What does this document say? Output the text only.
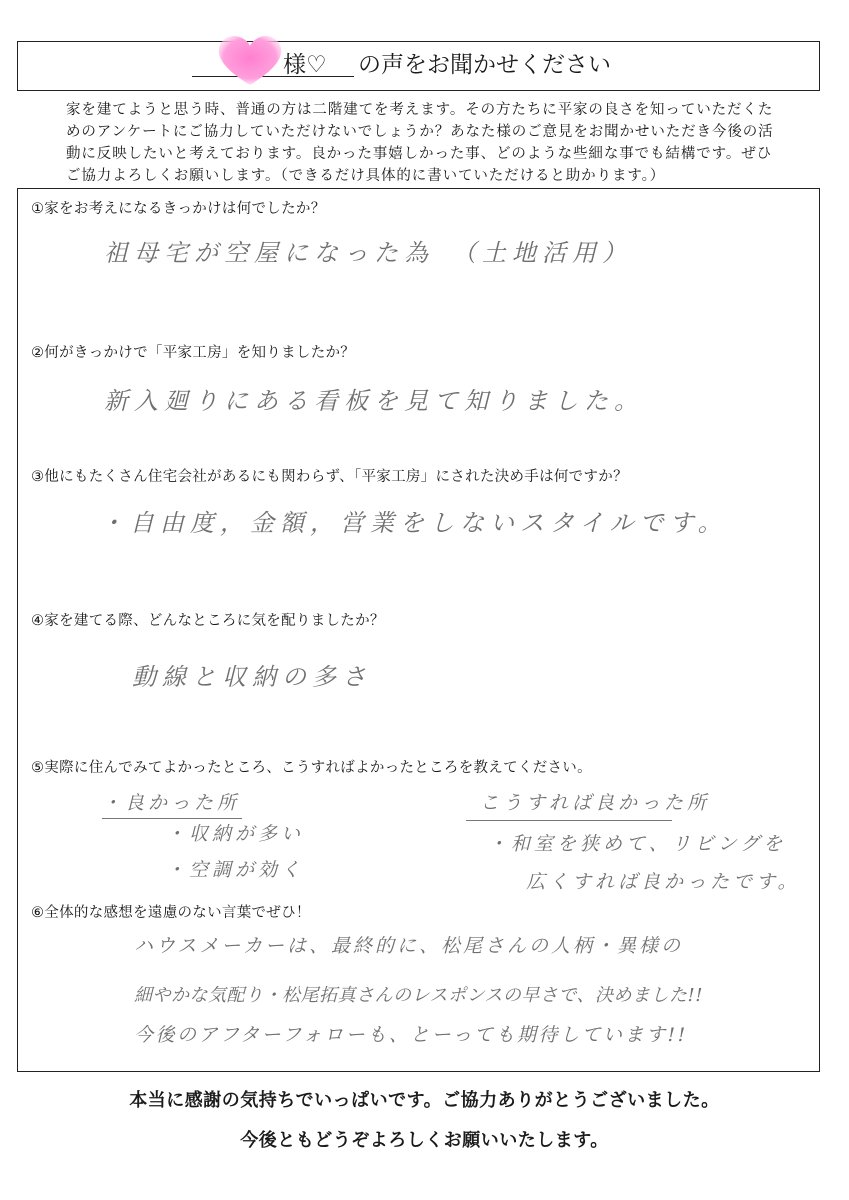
様♡ の声をお聞かせください

家を建てようと思う時、普通の方は二階建てを考えます。その方たちに平家の良さを知っていただくためのアンケートにご協力していただけないでしょうか？あなた様のご意見をお聞かせいただき今後の活動に反映したいと考えております。良かった事嬉しかった事、どのような些細な事でも結構です。ぜひご協力よろしくお願いします。（できるだけ具体的に書いていただけると助かります。）

①家をお考えになるきっかけは何でしたか？
祖母宅が空屋になった為　（土地活用）
②何がきっかけで「平家工房」を知りましたか？
新入廻りにある看板を見て知りました。
③他にもたくさん住宅会社があるにも関わらず、「平家工房」にされた決め手は何ですか？
・自由度，金額，営業をしないスタイルです。
④家を建てる際、どんなところに気を配りましたか？
動線と収納の多さ
⑤実際に住んでみてよかったところ、こうすればよかったところを教えてください。
・良かった所
・収納が多い
・空調が効く
こうすれば良かった所
・和室を狭めて、リビングを
広くすれば良かったです。
⑥全体的な感想を遠慮のない言葉でぜひ！
ハウスメーカーは、最終的に、松尾さんの人柄・異様の
細やかな気配り・松尾拓真さんのレスポンスの早さで、決めました!!
今後のアフターフォローも、とーっても期待しています!!
本当に感謝の気持ちでいっぱいです。ご協力ありがとうございました。
今後ともどうぞよろしくお願いいたします。
